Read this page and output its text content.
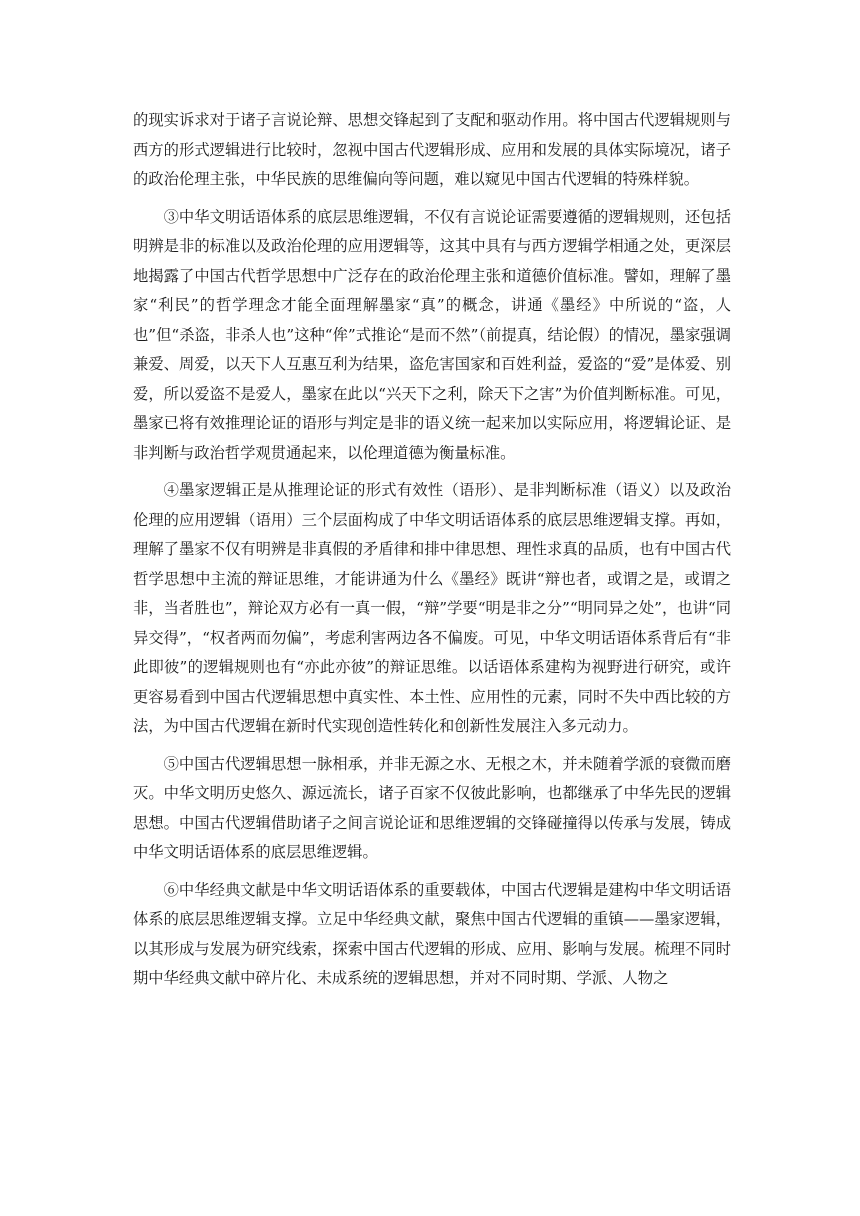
的现实诉求对于诸子言说论辩、思想交锋起到了支配和驱动作用。将中国古代逻辑规则与西方的形式逻辑进行比较时，忽视中国古代逻辑形成、应用和发展的具体实际境况，诸子的政治伦理主张，中华民族的思维偏向等问题，难以窥见中国古代逻辑的特殊样貌。

③中华文明话语体系的底层思维逻辑，不仅有言说论证需要遵循的逻辑规则，还包括明辨是非的标准以及政治伦理的应用逻辑等，这其中具有与西方逻辑学相通之处，更深层地揭露了中国古代哲学思想中广泛存在的政治伦理主张和道德价值标准。譬如，理解了墨家“利民”的哲学理念才能全面理解墨家“真”的概念，讲通《墨经》中所说的“盗，人也”但“杀盗，非杀人也”这种“侔”式推论“是而不然”（前提真，结论假）的情况，墨家强调兼爱、周爱，以天下人互惠互利为结果，盗危害国家和百姓利益，爱盗的“爱”是体爱、别爱，所以爱盗不是爱人，墨家在此以“兴天下之利，除天下之害”为价值判断标准。可见，墨家已将有效推理论证的语形与判定是非的语义统一起来加以实际应用，将逻辑论证、是非判断与政治哲学观贯通起来，以伦理道德为衡量标准。

④墨家逻辑正是从推理论证的形式有效性（语形）、是非判断标准（语义）以及政治伦理的应用逻辑（语用）三个层面构成了中华文明话语体系的底层思维逻辑支撑。再如，理解了墨家不仅有明辨是非真假的矛盾律和排中律思想、理性求真的品质，也有中国古代哲学思想中主流的辩证思维，才能讲通为什么《墨经》既讲“辩也者，或谓之是，或谓之非，当者胜也”，辩论双方必有一真一假，“辩”学要“明是非之分”“明同异之处”，也讲“同异交得”，“权者两而勿偏”，考虑利害两边各不偏废。可见，中华文明话语体系背后有“非此即彼”的逻辑规则也有“亦此亦彼”的辩证思维。以话语体系建构为视野进行研究，或许更容易看到中国古代逻辑思想中真实性、本土性、应用性的元素，同时不失中西比较的方法，为中国古代逻辑在新时代实现创造性转化和创新性发展注入多元动力。

⑤中国古代逻辑思想一脉相承，并非无源之水、无根之木，并未随着学派的衰微而磨灭。中华文明历史悠久、源远流长，诸子百家不仅彼此影响，也都继承了中华先民的逻辑思想。中国古代逻辑借助诸子之间言说论证和思维逻辑的交锋碰撞得以传承与发展，铸成中华文明话语体系的底层思维逻辑。

⑥中华经典文献是中华文明话语体系的重要载体，中国古代逻辑是建构中华文明话语体系的底层思维逻辑支撑。立足中华经典文献，聚焦中国古代逻辑的重镇——墨家逻辑，以其形成与发展为研究线索，探索中国古代逻辑的形成、应用、影响与发展。梳理不同时期中华经典文献中碎片化、未成系统的逻辑思想，并对不同时期、学派、人物之
